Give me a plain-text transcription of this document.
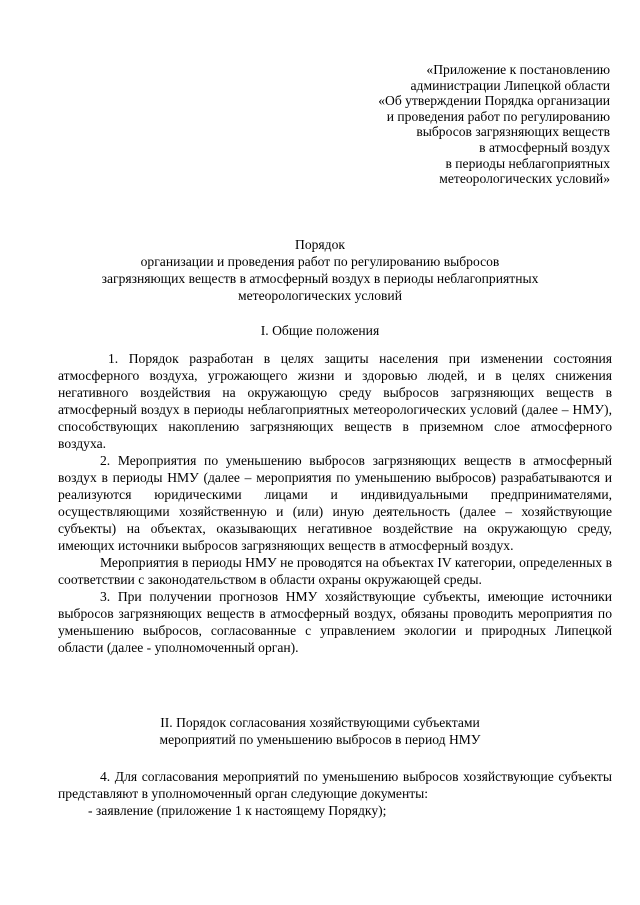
«Приложение к постановлению
администрации Липецкой области
«Об утверждении Порядка организации
и проведения работ по регулированию
выбросов загрязняющих веществ
в атмосферный воздух
в периоды неблагоприятных
метеорологических условий»
Порядок
организации и проведения работ по регулированию выбросов
загрязняющих веществ в атмосферный воздух в периоды неблагоприятных
метеорологических условий
I. Общие положения

1. Порядок разработан в целях защиты населения при изменении состояния атмосферного воздуха, угрожающего жизни и здоровью людей, и в целях снижения негативного воздействия на окружающую среду выбросов загрязняющих веществ в атмосферный воздух в периоды неблагоприятных метеорологических условий (далее – НМУ), способствующих накоплению загрязняющих веществ в приземном слое атмосферного воздуха.

2. Мероприятия по уменьшению выбросов загрязняющих веществ в атмосферный воздух в периоды НМУ (далее – мероприятия по уменьшению выбросов) разрабатываются и реализуются юридическими лицами и индивидуальными предпринимателями, осуществляющими хозяйственную и (или) иную деятельность (далее – хозяйствующие субъекты) на объектах, оказывающих негативное воздействие на окружающую среду, имеющих источники выбросов загрязняющих веществ в атмосферный воздух.

Мероприятия в периоды НМУ не проводятся на объектах IV категории, определенных в соответствии с законодательством в области охраны окружающей среды.

3. При получении прогнозов НМУ хозяйствующие субъекты, имеющие источники выбросов загрязняющих веществ в атмосферный воздух, обязаны проводить мероприятия по уменьшению выбросов, согласованные с управлением экологии и природных Липецкой области (далее - уполномоченный орган).

II. Порядок согласования хозяйствующими субъектами
мероприятий по уменьшению выбросов в период НМУ

4. Для согласования мероприятий по уменьшению выбросов хозяйствующие субъекты представляют в уполномоченный орган следующие документы:

- заявление (приложение 1 к настоящему Порядку);
